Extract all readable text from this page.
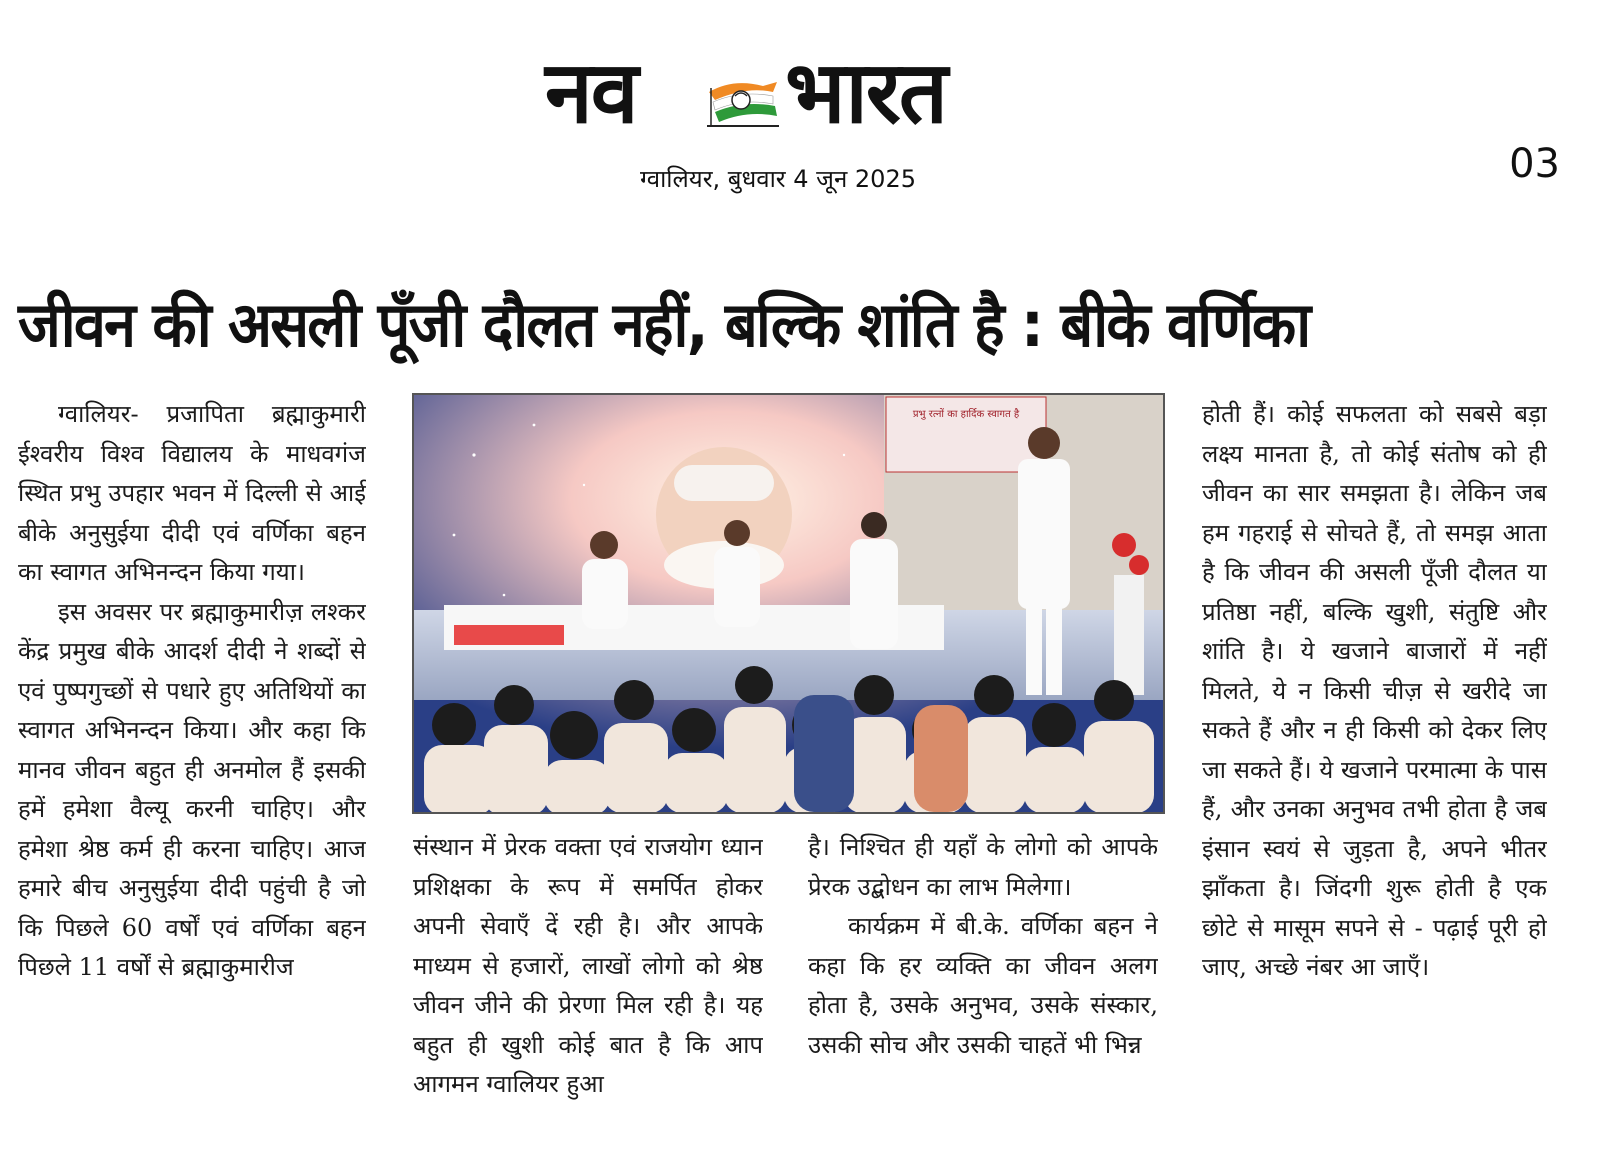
नव भारत
ग्वालियर, बुधवार 4 जून 2025	03
जीवन की असली पूँजी दौलत नहीं, बल्कि शांति है : बीके वर्णिका

ग्वालियर- प्रजापिता ब्रह्माकुमारी ईश्वरीय विश्व विद्यालय के माधवगंज स्थित प्रभु उपहार भवन में दिल्ली से आई बीके अनुसुईया दीदी एवं वर्णिका बहन का स्वागत अभिनन्दन किया गया।

इस अवसर पर ब्रह्माकुमारीज़ लश्कर केंद्र प्रमुख बीके आदर्श दीदी ने शब्दों से एवं पुष्पगुच्छों से पधारे हुए अतिथियों का स्वागत अभिनन्दन किया। और कहा कि मानव जीवन बहुत ही अनमोल हैं इसकी हमें हमेशा वैल्यू करनी चाहिए। और हमेशा श्रेष्ठ कर्म ही करना चाहिए। आज हमारे बीच अनुसुईया दीदी पहुंची है जो कि पिछले 60 वर्षों एवं वर्णिका बहन पिछले 11 वर्षों से ब्रह्माकुमारीज

प्रभु रत्नों का हार्दिक स्वागत है

संस्थान में प्रेरक वक्ता एवं राजयोग ध्यान प्रशिक्षका के रूप में समर्पित होकर अपनी सेवाएँ दें रही है। और आपके माध्यम से हजारों, लाखों लोगो को श्रेष्ठ जीवन जीने की प्रेरणा मिल रही है। यह बहुत ही खुशी कोई बात है कि आप आगमन ग्वालियर हुआ

है। निश्चित ही यहाँ के लोगो को आपके प्रेरक उद्बोधन का लाभ मिलेगा।

कार्यक्रम में बी.के. वर्णिका बहन ने कहा कि हर व्यक्ति का जीवन अलग होता है, उसके अनुभव, उसके संस्कार, उसकी सोच और उसकी चाहतें भी भिन्न

होती हैं। कोई सफलता को सबसे बड़ा लक्ष्य मानता है, तो कोई संतोष को ही जीवन का सार समझता है। लेकिन जब हम गहराई से सोचते हैं, तो समझ आता है कि जीवन की असली पूँजी दौलत या प्रतिष्ठा नहीं, बल्कि खुशी, संतुष्टि और शांति है। ये खजाने बाजारों में नहीं मिलते, ये न किसी चीज़ से खरीदे जा सकते हैं और न ही किसी को देकर लिए जा सकते हैं। ये खजाने परमात्मा के पास हैं, और उनका अनुभव तभी होता है जब इंसान स्वयं से जुड़ता है, अपने भीतर झाँकता है। जिंदगी शुरू होती है एक छोटे से मासूम सपने से - पढ़ाई पूरी हो जाए, अच्छे नंबर आ जाएँ।
